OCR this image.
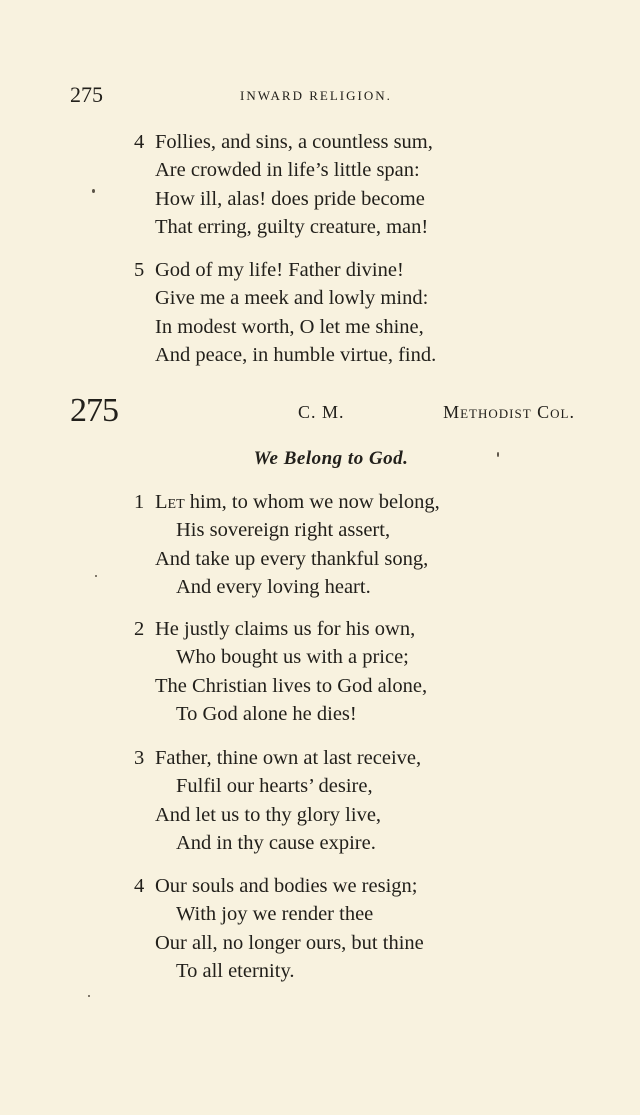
275	INWARD RELIGION.
4 Follies, and sins, a countless sum,
Are crowded in life’s little span:
How ill, alas! does pride become
That erring, guilty creature, man!
5 God of my life! Father divine!
Give me a meek and lowly mind:
In modest worth, O let me shine,
And peace, in humble virtue, find.
275	C. M.	Methodist Col.
We Belong to God.
1 Let him, to whom we now belong,
His sovereign right assert,
And take up every thankful song,
And every loving heart.
2 He justly claims us for his own,
Who bought us with a price;
The Christian lives to God alone,
To God alone he dies!
3 Father, thine own at last receive,
Fulfil our hearts’ desire,
And let us to thy glory live,
And in thy cause expire.
4 Our souls and bodies we resign;
With joy we render thee
Our all, no longer ours, but thine
To all eternity.
